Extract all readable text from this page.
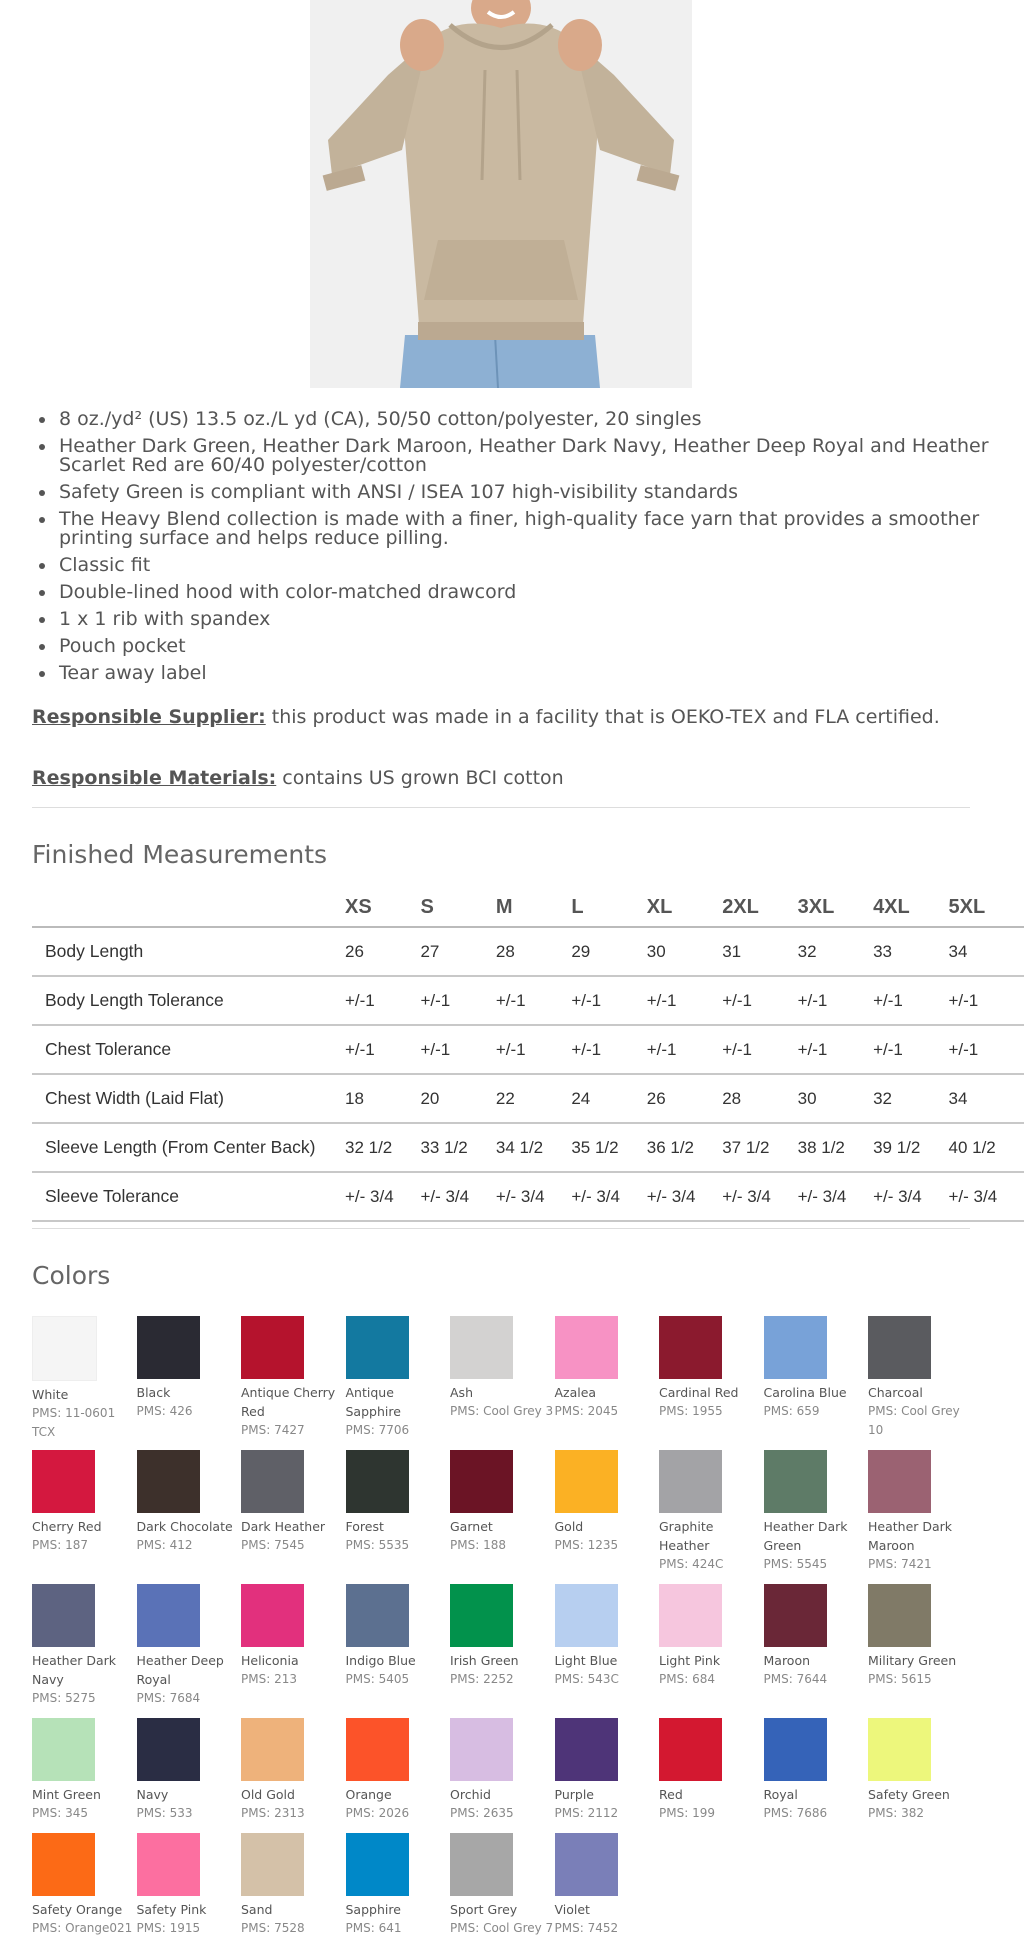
• 8 oz./yd² (US) 13.5 oz./L yd (CA), 50/50 cotton/polyester, 20 singles
• Heather Dark Green, Heather Dark Maroon, Heather Dark Navy, Heather Deep Royal and Heather Scarlet Red are 60/40 polyester/cotton
• Safety Green is compliant with ANSI / ISEA 107 high-visibility standards
• The Heavy Blend collection is made with a finer, high-quality face yarn that provides a smoother printing surface and helps reduce pilling.
• Classic fit
• Double-lined hood with color-matched drawcord
• 1 x 1 rib with spandex
• Pouch pocket
• Tear away label
Responsible Supplier: this product was made in a facility that is OEKO-TEX and FLA certified.
Responsible Materials: contains US grown BCI cotton
Finished Measurements
	XS	S	M	L	XL	2XL	3XL	4XL	5XL
Body Length	26	27	28	29	30	31	32	33	34
Body Length Tolerance	+/-1	+/-1	+/-1	+/-1	+/-1	+/-1	+/-1	+/-1	+/-1
Chest Tolerance	+/-1	+/-1	+/-1	+/-1	+/-1	+/-1	+/-1	+/-1	+/-1
Chest Width (Laid Flat)	18	20	22	24	26	28	30	32	34
Sleeve Length (From Center Back)	32 1/2	33 1/2	34 1/2	35 1/2	36 1/2	37 1/2	38 1/2	39 1/2	40 1/2
Sleeve Tolerance	+/- 3/4	+/- 3/4	+/- 3/4	+/- 3/4	+/- 3/4	+/- 3/4	+/- 3/4	+/- 3/4	+/- 3/4
Colors
White
PMS: 11-0601 TCX
Black
PMS: 426
Antique Cherry Red
PMS: 7427
Antique Sapphire
PMS: 7706
Ash
PMS: Cool Grey 3
Azalea
PMS: 2045
Cardinal Red
PMS: 1955
Carolina Blue
PMS: 659
Charcoal
PMS: Cool Grey 10
Cherry Red
PMS: 187
Dark Chocolate
PMS: 412
Dark Heather
PMS: 7545
Forest
PMS: 5535
Garnet
PMS: 188
Gold
PMS: 1235
Graphite Heather
PMS: 424C
Heather Dark Green
PMS: 5545
Heather Dark Maroon
PMS: 7421
Heather Dark Navy
PMS: 5275
Heather Deep Royal
PMS: 7684
Heliconia
PMS: 213
Indigo Blue
PMS: 5405
Irish Green
PMS: 2252
Light Blue
PMS: 543C
Light Pink
PMS: 684
Maroon
PMS: 7644
Military Green
PMS: 5615
Mint Green
PMS: 345
Navy
PMS: 533
Old Gold
PMS: 2313
Orange
PMS: 2026
Orchid
PMS: 2635
Purple
PMS: 2112
Red
PMS: 199
Royal
PMS: 7686
Safety Green
PMS: 382
Safety Orange
PMS: Orange021
Safety Pink
PMS: 1915
Sand
PMS: 7528
Sapphire
PMS: 641
Sport Grey
PMS: Cool Grey 7
Violet
PMS: 7452
